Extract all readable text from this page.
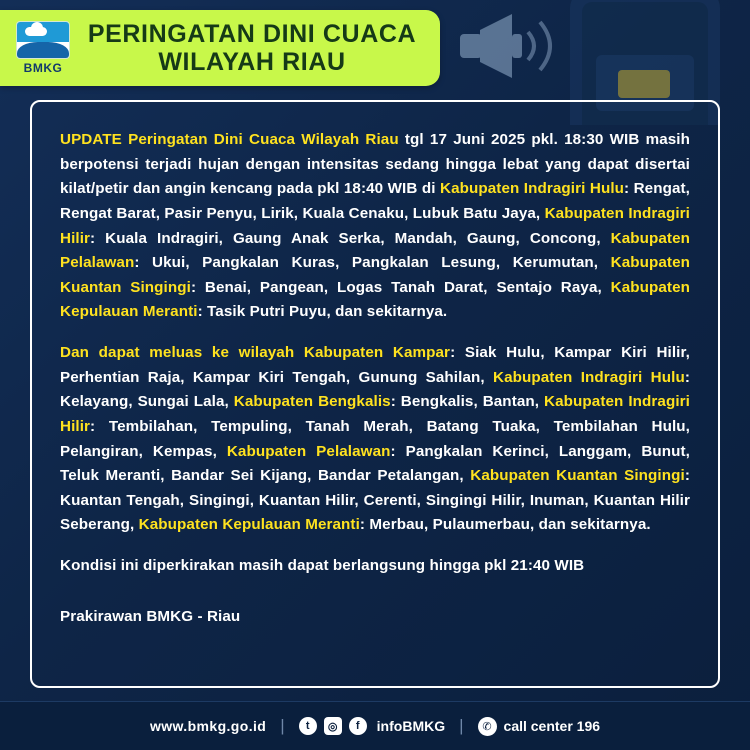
BMKG
PERINGATAN DINI CUACA
WILAYAH RIAU

UPDATE Peringatan Dini Cuaca Wilayah Riau tgl 17 Juni 2025 pkl. 18:30 WIB masih berpotensi terjadi hujan dengan intensitas sedang hingga lebat yang dapat disertai kilat/petir dan angin kencang pada pkl 18:40 WIB di Kabupaten Indragiri Hulu: Rengat, Rengat Barat, Pasir Penyu, Lirik, Kuala Cenaku, Lubuk Batu Jaya, Kabupaten Indragiri Hilir: Kuala Indragiri, Gaung Anak Serka, Mandah, Gaung, Concong, Kabupaten Pelalawan: Ukui, Pangkalan Kuras, Pangkalan Lesung, Kerumutan, Kabupaten Kuantan Singingi: Benai, Pangean, Logas Tanah Darat, Sentajo Raya, Kabupaten Kepulauan Meranti: Tasik Putri Puyu, dan sekitarnya.

Dan dapat meluas ke wilayah Kabupaten Kampar: Siak Hulu, Kampar Kiri Hilir, Perhentian Raja, Kampar Kiri Tengah, Gunung Sahilan, Kabupaten Indragiri Hulu: Kelayang, Sungai Lala, Kabupaten Bengkalis: Bengkalis, Bantan, Kabupaten Indragiri Hilir: Tembilahan, Tempuling, Tanah Merah, Batang Tuaka, Tembilahan Hulu, Pelangiran, Kempas, Kabupaten Pelalawan: Pangkalan Kerinci, Langgam, Bunut, Teluk Meranti, Bandar Sei Kijang, Bandar Petalangan, Kabupaten Kuantan Singingi: Kuantan Tengah, Singingi, Kuantan Hilir, Cerenti, Singingi Hilir, Inuman, Kuantan Hilir Seberang, Kabupaten Kepulauan Meranti: Merbau, Pulaumerbau, dan sekitarnya.

Kondisi ini diperkirakan masih dapat berlangsung hingga pkl 21:40 WIB

Prakirawan BMKG - Riau

www.bmkg.go.id |	t	◎	f	infoBMKG |	✆ call center 196
